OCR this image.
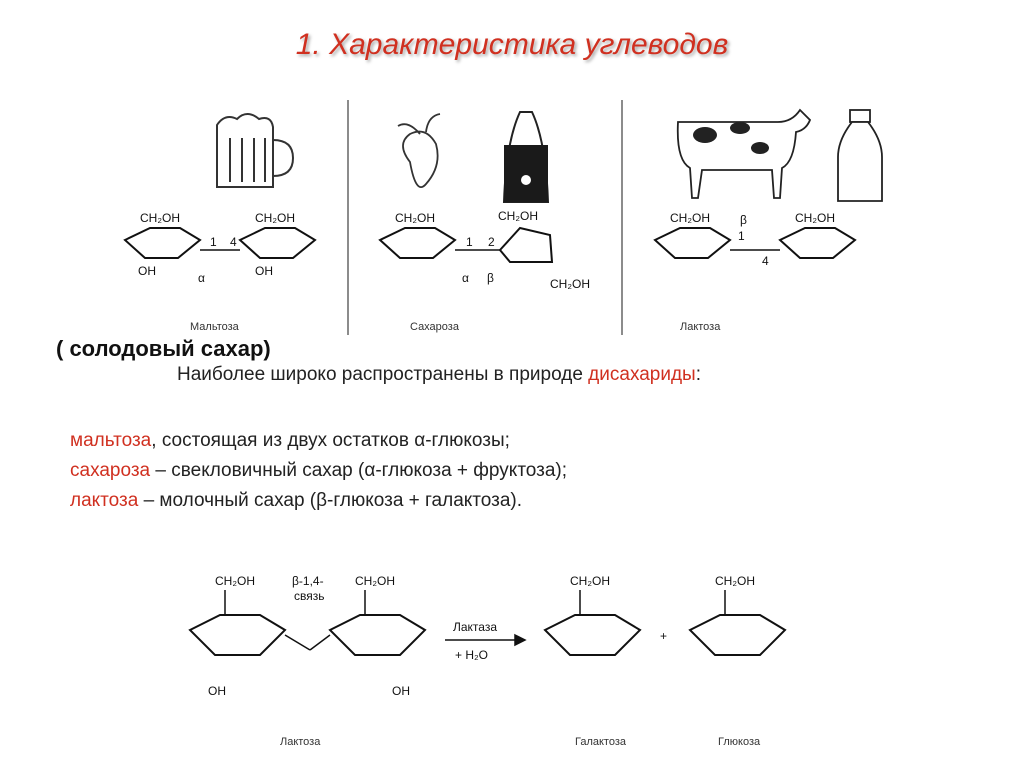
1. Характеристика углеводов
CH₂OH	CH₂OH
OH	OH
1 4
α
Мальтоза
CH₂OH	CH₂OH
CH₂OH
1 2
α β
Сахароза
CH₂OH	CH₂OH
1
4
β
Лактоза
( солодовый сахар)
Наиболее широко распространены в природе дисахариды:
мальтоза, состоящая из двух остатков α-глюкозы;
сахароза – свекловичный сахар (α-глюкоза + фруктоза);
лактоза – молочный сахар (β-глюкоза + галактоза).
CH₂OH	CH₂OH
β-1,4-
связь
OH	OH
Лактаза
+ H₂O
CH₂OH
+
CH₂OH
Лактоза	Галактоза	Глюкоза
